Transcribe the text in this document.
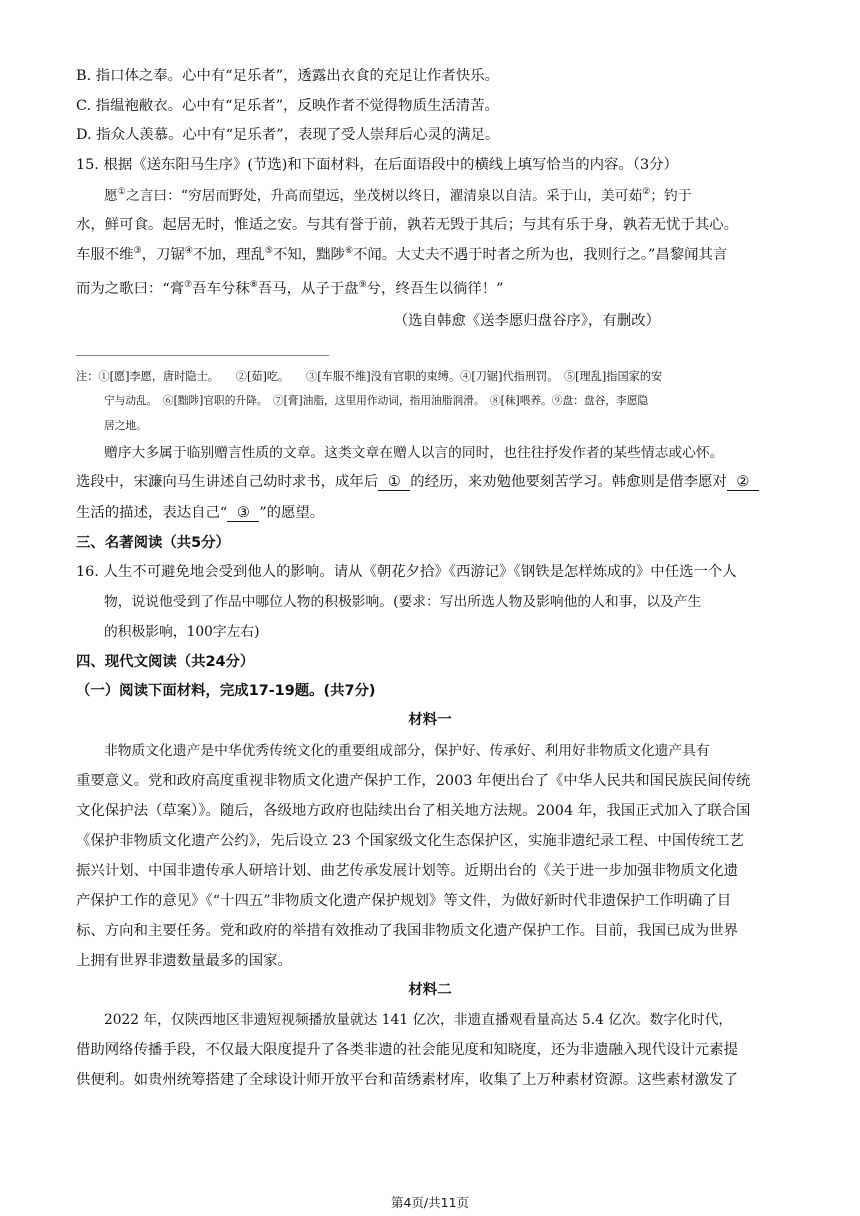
B. 指口体之奉。心中有“足乐者”，透露出衣食的充足让作者快乐。
C. 指缊袍敝衣。心中有“足乐者”，反映作者不觉得物质生活清苦。
D. 指众人羡慕。心中有“足乐者”，表现了受人崇拜后心灵的满足。
15. 根据《送东阳马生序》(节选)和下面材料，在后面语段中的横线上填写恰当的内容。（3分）
愿①之言曰：“穷居而野处，升高而望远，坐茂树以终日，濯清泉以自洁。采于山，美可茹②；钓于
水，鲜可食。起居无时，惟适之安。与其有誉于前，孰若无毁于其后；与其有乐于身，孰若无忧于其心。
车服不维③，刀锯④不加，理乱⑤不知，黜陟⑥不闻。大丈夫不遇于时者之所为也，我则行之。”昌黎闻其言
而为之歌曰：“膏⑦吾车兮秣⑧吾马，从子于盘⑨兮，终吾生以徜徉！”
（选自韩愈《送李愿归盘谷序》，有删改）
注：①[愿]李愿，唐时隐士。　　②[茹]吃。　　③[车服不维]没有官职的束缚。④[刀锯]代指刑罚。　⑤[理乱]指国家的安
宁与动乱。　⑥[黜陟]官职的升降。　⑦[膏]油脂，这里用作动词，指用油脂润滑。　⑧[秣]喂养。⑨盘：盘谷，李愿隐
居之地。
赠序大多属于临别赠言性质的文章。这类文章在赠人以言的同时，也往往抒发作者的某些情志或心怀。
选段中，宋濂向马生讲述自己幼时求书，成年后 ① 的经历，来劝勉他要刻苦学习。韩愈则是借李愿对 ②
生活的描述，表达自己“ ③ ”的愿望。
三、名著阅读（共5分）
16. 人生不可避免地会受到他人的影响。请从《朝花夕拾》《西游记》《钢铁是怎样炼成的》中任选一个人
物，说说他受到了作品中哪位人物的积极影响。(要求：写出所选人物及影响他的人和事，以及产生
的积极影响，100字左右)
四、现代文阅读（共24分）
（一）阅读下面材料，完成17-19题。(共7分)
材料一
非物质文化遗产是中华优秀传统文化的重要组成部分，保护好、传承好、利用好非物质文化遗产具有
重要意义。党和政府高度重视非物质文化遗产保护工作，2003 年便出台了《中华人民共和国民族民间传统
文化保护法（草案）》。随后，各级地方政府也陆续出台了相关地方法规。2004 年，我国正式加入了联合国
《保护非物质文化遗产公约》，先后设立 23 个国家级文化生态保护区，实施非遗纪录工程、中国传统工艺
振兴计划、中国非遗传承人研培计划、曲艺传承发展计划等。近期出台的《关于进一步加强非物质文化遗
产保护工作的意见》《“十四五”非物质文化遗产保护规划》等文件，为做好新时代非遗保护工作明确了目
标、方向和主要任务。党和政府的举措有效推动了我国非物质文化遗产保护工作。目前，我国已成为世界
上拥有世界非遗数量最多的国家。
材料二
2022 年，仅陕西地区非遗短视频播放量就达 141 亿次，非遗直播观看量高达 5.4 亿次。数字化时代，
借助网络传播手段，不仅最大限度提升了各类非遗的社会能见度和知晓度，还为非遗融入现代设计元素提
供便利。如贵州统筹搭建了全球设计师开放平台和苗绣素材库，收集了上万种素材资源。这些素材激发了
第4页/共11页
